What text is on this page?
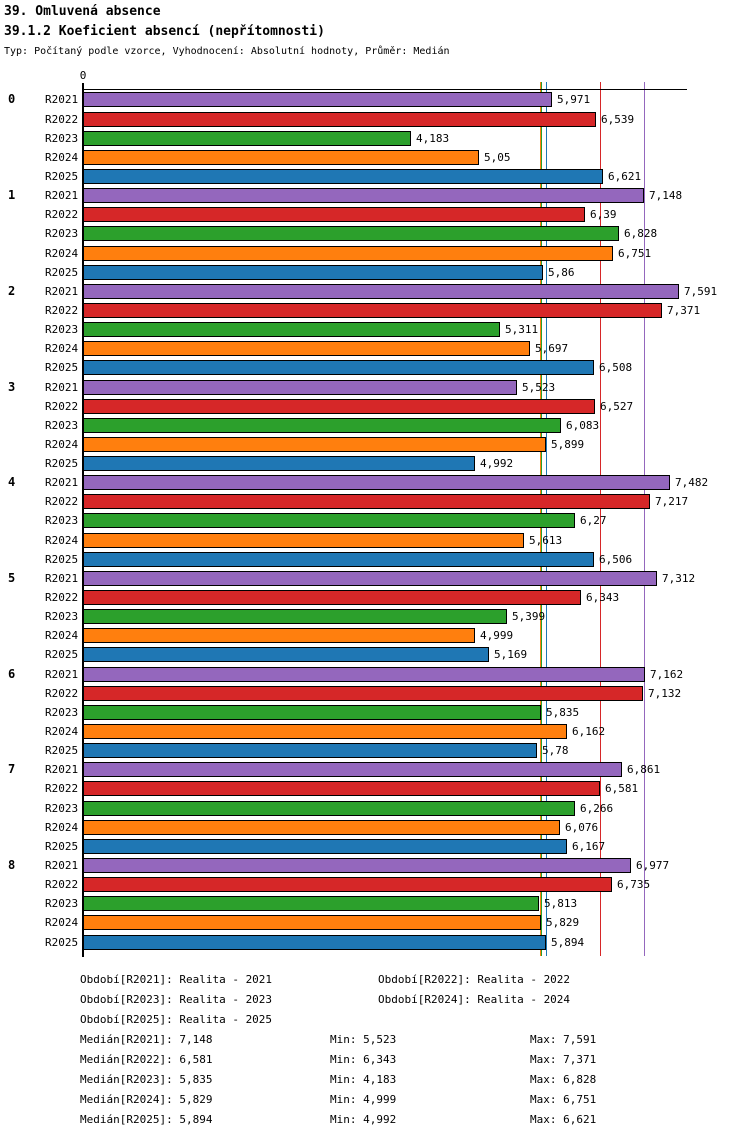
39. Omluvená absence
39.1.2 Koeficient absencí (nepřítomnosti)
Typ: Počítaný podle vzorce, Vyhodnocení: Absolutní hodnoty, Průměr: Medián
0
0	R2021	5,971
R2022	6,539
R2023	4,183
R2024	5,05
R2025	6,621
1	R2021	7,148
R2022	6,39
R2023	6,828
R2024	6,751
R2025	5,86
2	R2021	7,591
R2022	7,371
R2023	5,311
R2024	5,697
R2025	6,508
3	R2021	5,523
R2022	6,527
R2023	6,083
R2024	5,899
R2025	4,992
4	R2021	7,482
R2022	7,217
R2023	6,27
R2024	5,613
R2025	6,506
5	R2021	7,312
R2022	6,343
R2023	5,399
R2024	4,999
R2025	5,169
6	R2021	7,162
R2022	7,132
R2023	5,835
R2024	6,162
R2025	5,78
7	R2021	6,861
R2022	6,581
R2023	6,266
R2024	6,076
R2025	6,167
8	R2021	6,977
R2022	6,735
R2023	5,813
R2024	5,829
R2025	5,894
Období[R2021]: Realita - 2021	Období[R2022]: Realita - 2022
Období[R2023]: Realita - 2023	Období[R2024]: Realita - 2024
Období[R2025]: Realita - 2025
Medián[R2021]: 7,148	Min: 5,523	Max: 7,591
Medián[R2022]: 6,581	Min: 6,343	Max: 7,371
Medián[R2023]: 5,835	Min: 4,183	Max: 6,828
Medián[R2024]: 5,829	Min: 4,999	Max: 6,751
Medián[R2025]: 5,894	Min: 4,992	Max: 6,621
